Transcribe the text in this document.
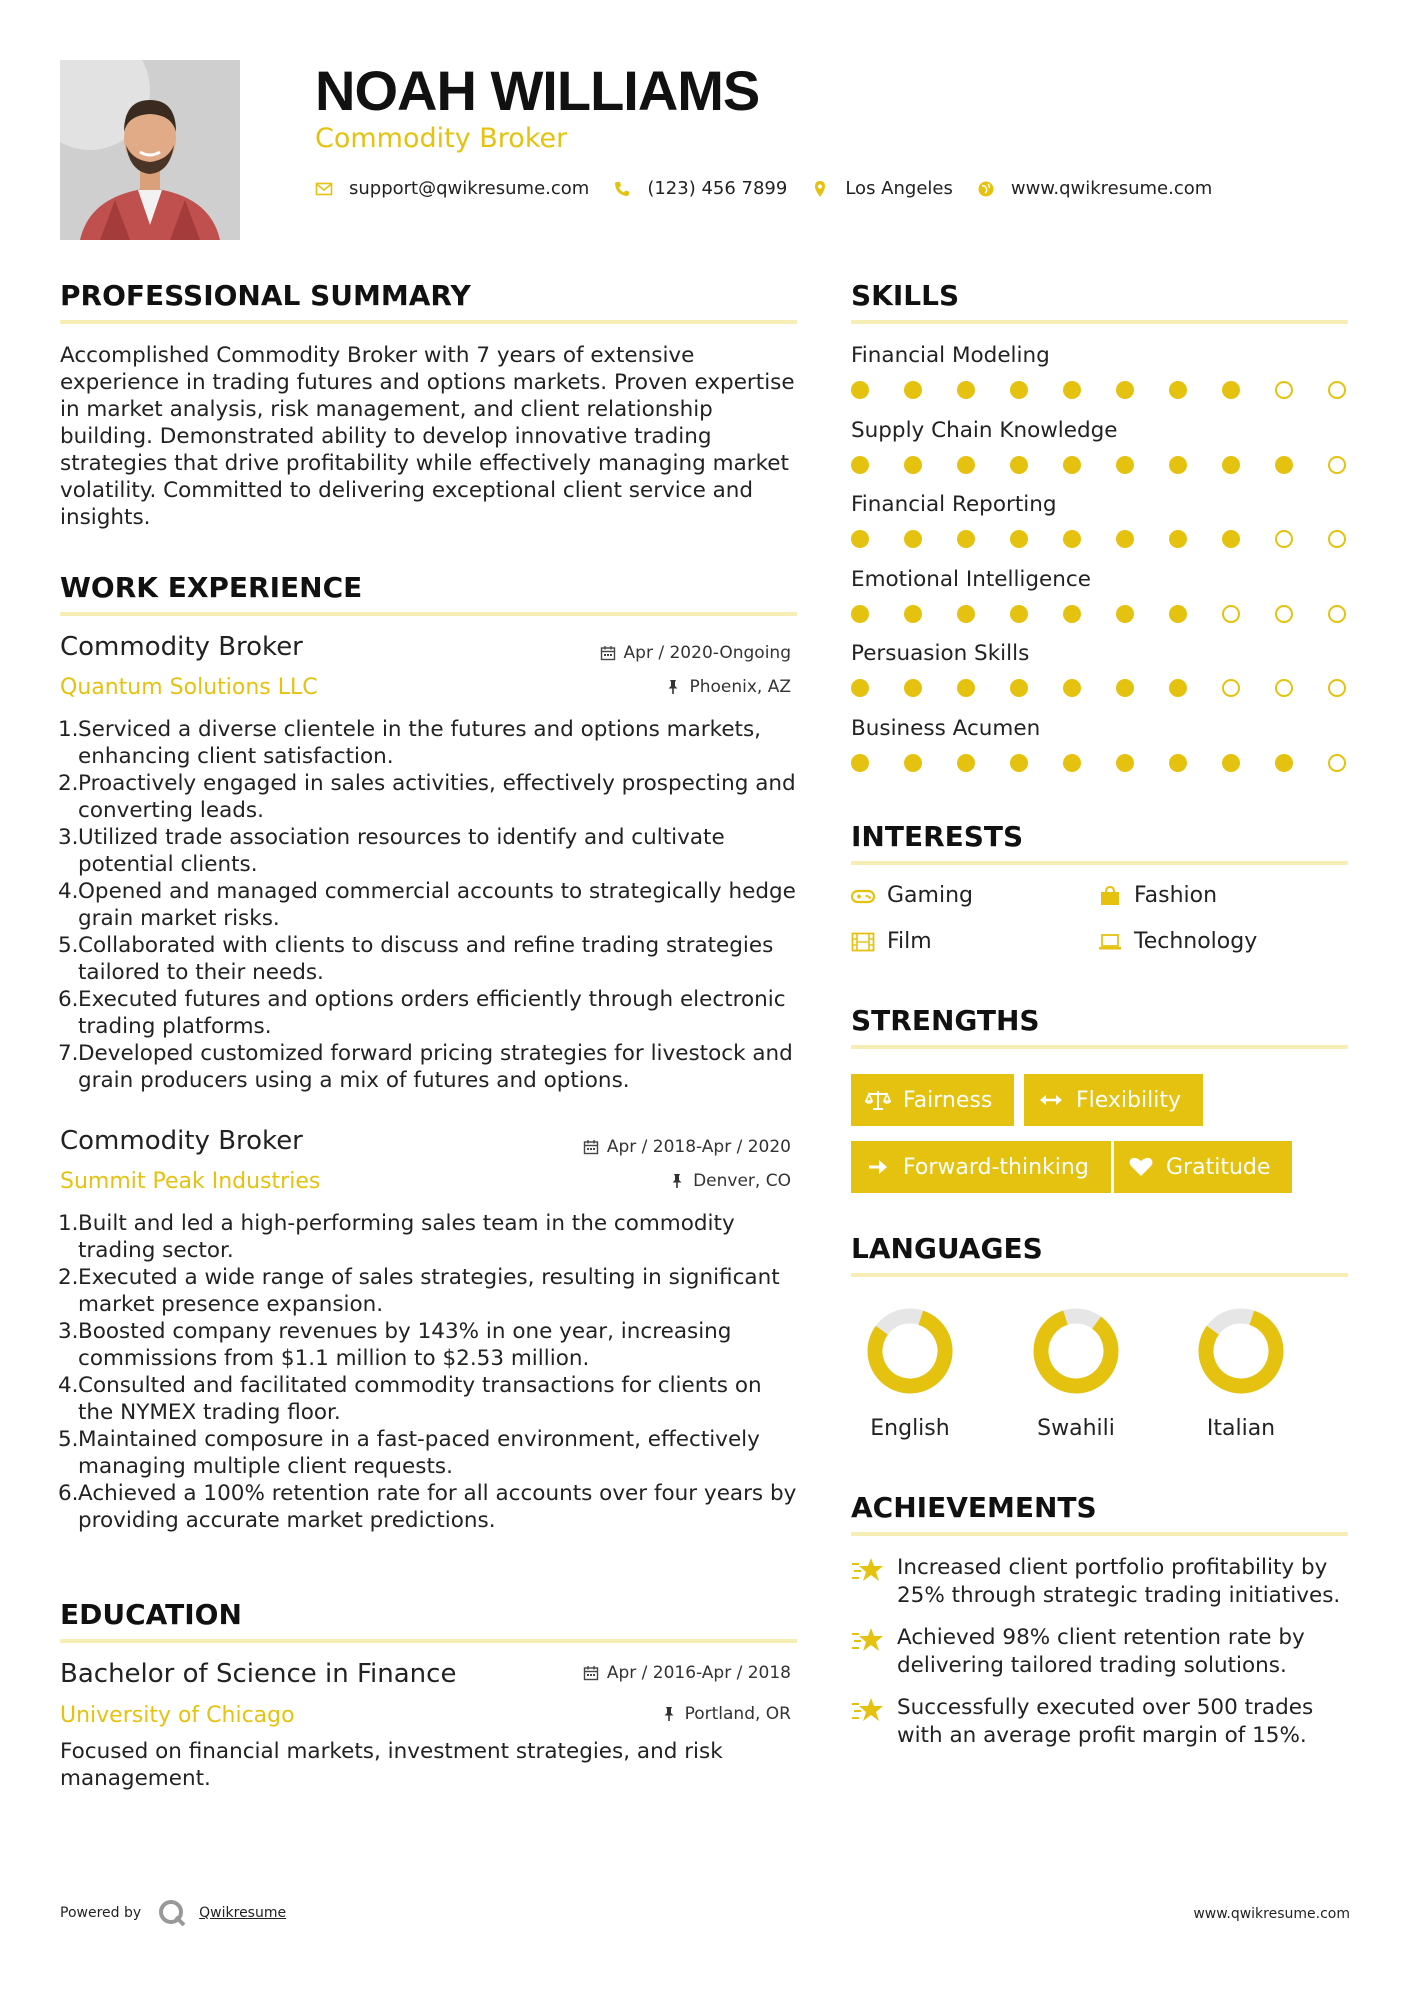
NOAH WILLIAMS
Commodity Broker
support@qwikresume.com	(123) 456 7899	Los Angeles	www.qwikresume.com
PROFESSIONAL SUMMARY
Accomplished Commodity Broker with 7 years of extensive experience in trading futures and options markets. Proven expertise in market analysis, risk management, and client relationship building. Demonstrated ability to develop innovative trading strategies that drive profitability while effectively managing market volatility. Committed to delivering exceptional client service and insights.
WORK EXPERIENCE
Commodity Broker
Quantum Solutions LLC
Apr / 2020-Ongoing
Phoenix, AZ
1. Serviced a diverse clientele in the futures and options markets, enhancing client satisfaction.
2. Proactively engaged in sales activities, effectively prospecting and converting leads.
3. Utilized trade association resources to identify and cultivate potential clients.
4. Opened and managed commercial accounts to strategically hedge grain market risks.
5. Collaborated with clients to discuss and refine trading strategies tailored to their needs.
6. Executed futures and options orders efficiently through electronic trading platforms.
7. Developed customized forward pricing strategies for livestock and grain producers using a mix of futures and options.
Commodity Broker
Summit Peak Industries
Apr / 2018-Apr / 2020
Denver, CO
1. Built and led a high-performing sales team in the commodity trading sector.
2. Executed a wide range of sales strategies, resulting in significant market presence expansion.
3. Boosted company revenues by 143% in one year, increasing commissions from $1.1 million to $2.53 million.
4. Consulted and facilitated commodity transactions for clients on the NYMEX trading floor.
5. Maintained composure in a fast-paced environment, effectively managing multiple client requests.
6. Achieved a 100% retention rate for all accounts over four years by providing accurate market predictions.
EDUCATION
Bachelor of Science in Finance
University of Chicago
Apr / 2016-Apr / 2018
Portland, OR
Focused on financial markets, investment strategies, and risk management.
SKILLS
Financial Modeling
Supply Chain Knowledge
Financial Reporting
Emotional Intelligence
Persuasion Skills
Business Acumen
INTERESTS
Gaming	Fashion
Film	Technology
STRENGTHS
Fairness	Flexibility
Forward-thinking	Gratitude
LANGUAGES
English	Swahili	Italian
ACHIEVEMENTS
Increased client portfolio profitability by 25% through strategic trading initiatives.
Achieved 98% client retention rate by delivering tailored trading solutions.
Successfully executed over 500 trades with an average profit margin of 15%.
Powered by	Qwikresume	www.qwikresume.com
